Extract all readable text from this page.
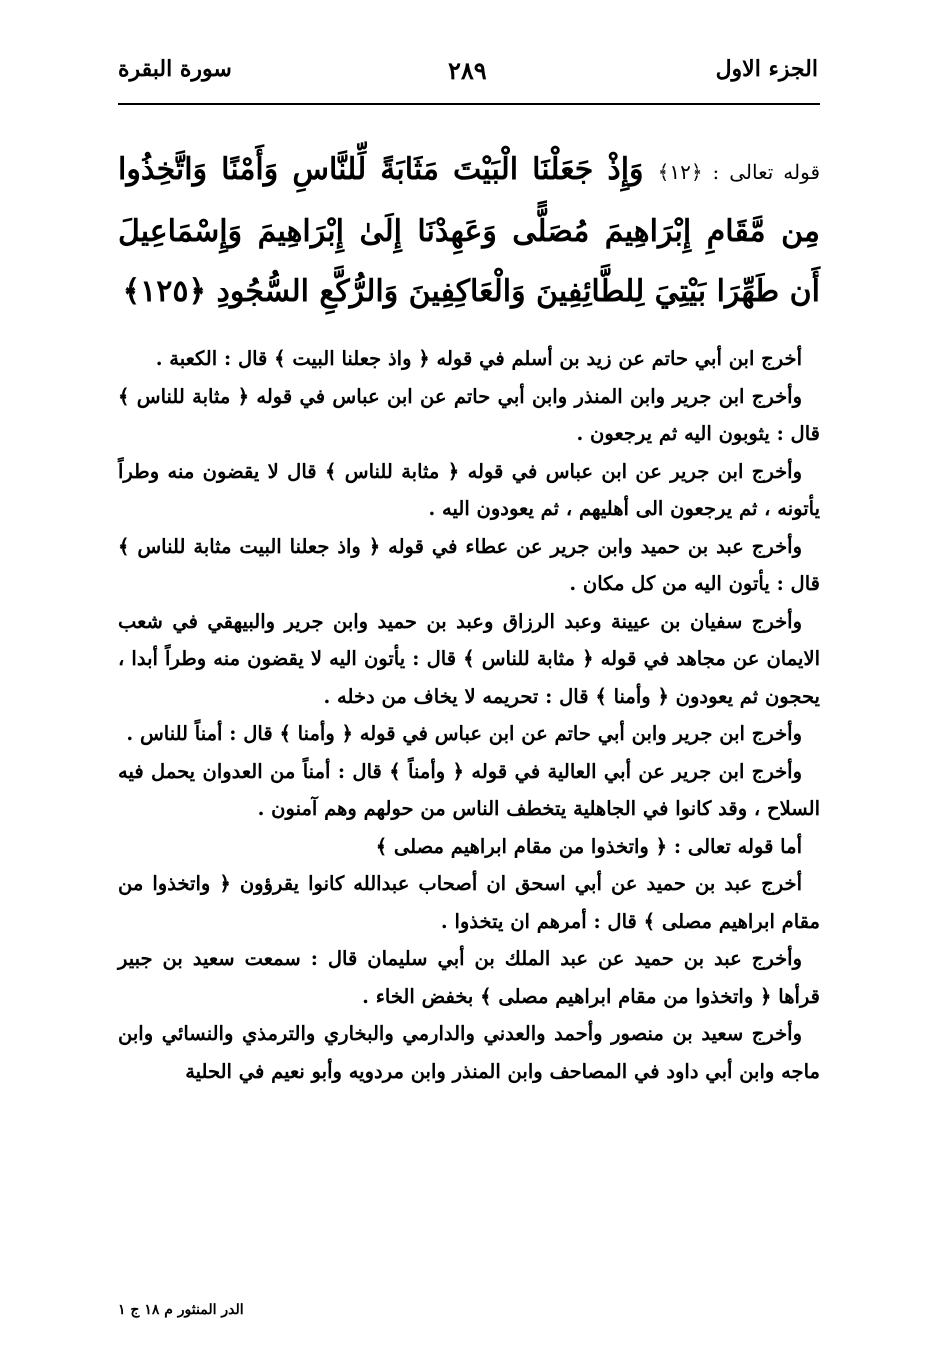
سورة البقرة	٢٨٩	الجزء الاول
قوله تعالى : ﴿١٢﴾ وَإِذْ جَعَلْنَا الْبَيْتَ مَثَابَةً لِّلنَّاسِ وَأَمْنًا وَاتَّخِذُوا مِن مَّقَامِ إِبْرَاهِيمَ مُصَلًّى وَعَهِدْنَا إِلَىٰ إِبْرَاهِيمَ وَإِسْمَاعِيلَ أَن طَهِّرَا بَيْتِيَ لِلطَّائِفِينَ وَالْعَاكِفِينَ وَالرُّكَّعِ السُّجُودِ ﴿١٢٥﴾

أخرج ابن أبي حاتم عن زيد بن أسلم في قوله ﴿ واذ جعلنا البيت ﴾ قال : الكعبة .

وأخرج ابن جرير وابن المنذر وابن أبي حاتم عن ابن عباس في قوله ﴿ مثابة للناس ﴾ قال : يثوبون اليه ثم يرجعون .

وأخرج ابن جرير عن ابن عباس في قوله ﴿ مثابة للناس ﴾ قال لا يقضون منه وطراً يأتونه ، ثم يرجعون الى أهليهم ، ثم يعودون اليه .

وأخرج عبد بن حميد وابن جرير عن عطاء في قوله ﴿ واذ جعلنا البيت مثابة للناس ﴾ قال : يأتون اليه من كل مكان .

وأخرج سفيان بن عيينة وعبد الرزاق وعبد بن حميد وابن جرير والبيهقي في شعب الايمان عن مجاهد في قوله ﴿ مثابة للناس ﴾ قال : يأتون اليه لا يقضون منه وطراً أبدا ، يحجون ثم يعودون ﴿ وأمنا ﴾ قال : تحريمه لا يخاف من دخله .

وأخرج ابن جرير وابن أبي حاتم عن ابن عباس في قوله ﴿ وأمنا ﴾ قال : أمناً للناس .

وأخرج ابن جرير عن أبي العالية في قوله ﴿ وأمناً ﴾ قال : أمناً من العدوان يحمل فيه السلاح ، وقد كانوا في الجاهلية يتخطف الناس من حولهم وهم آمنون .

أما قوله تعالى : ﴿ واتخذوا من مقام ابراهيم مصلى ﴾

أخرج عبد بن حميد عن أبي اسحق ان أصحاب عبدالله كانوا يقرؤون ﴿ واتخذوا من مقام ابراهيم مصلى ﴾ قال : أمرهم ان يتخذوا .

وأخرج عبد بن حميد عن عبد الملك بن أبي سليمان قال : سمعت سعيد بن جبير قرأها ﴿ واتخذوا من مقام ابراهيم مصلى ﴾ بخفض الخاء .

وأخرج سعيد بن منصور وأحمد والعدني والدارمي والبخاري والترمذي والنسائي وابن ماجه وابن أبي داود في المصاحف وابن المنذر وابن مردويه وأبو نعيم في الحلية

الدر المنثور م ١٨ ج ١
